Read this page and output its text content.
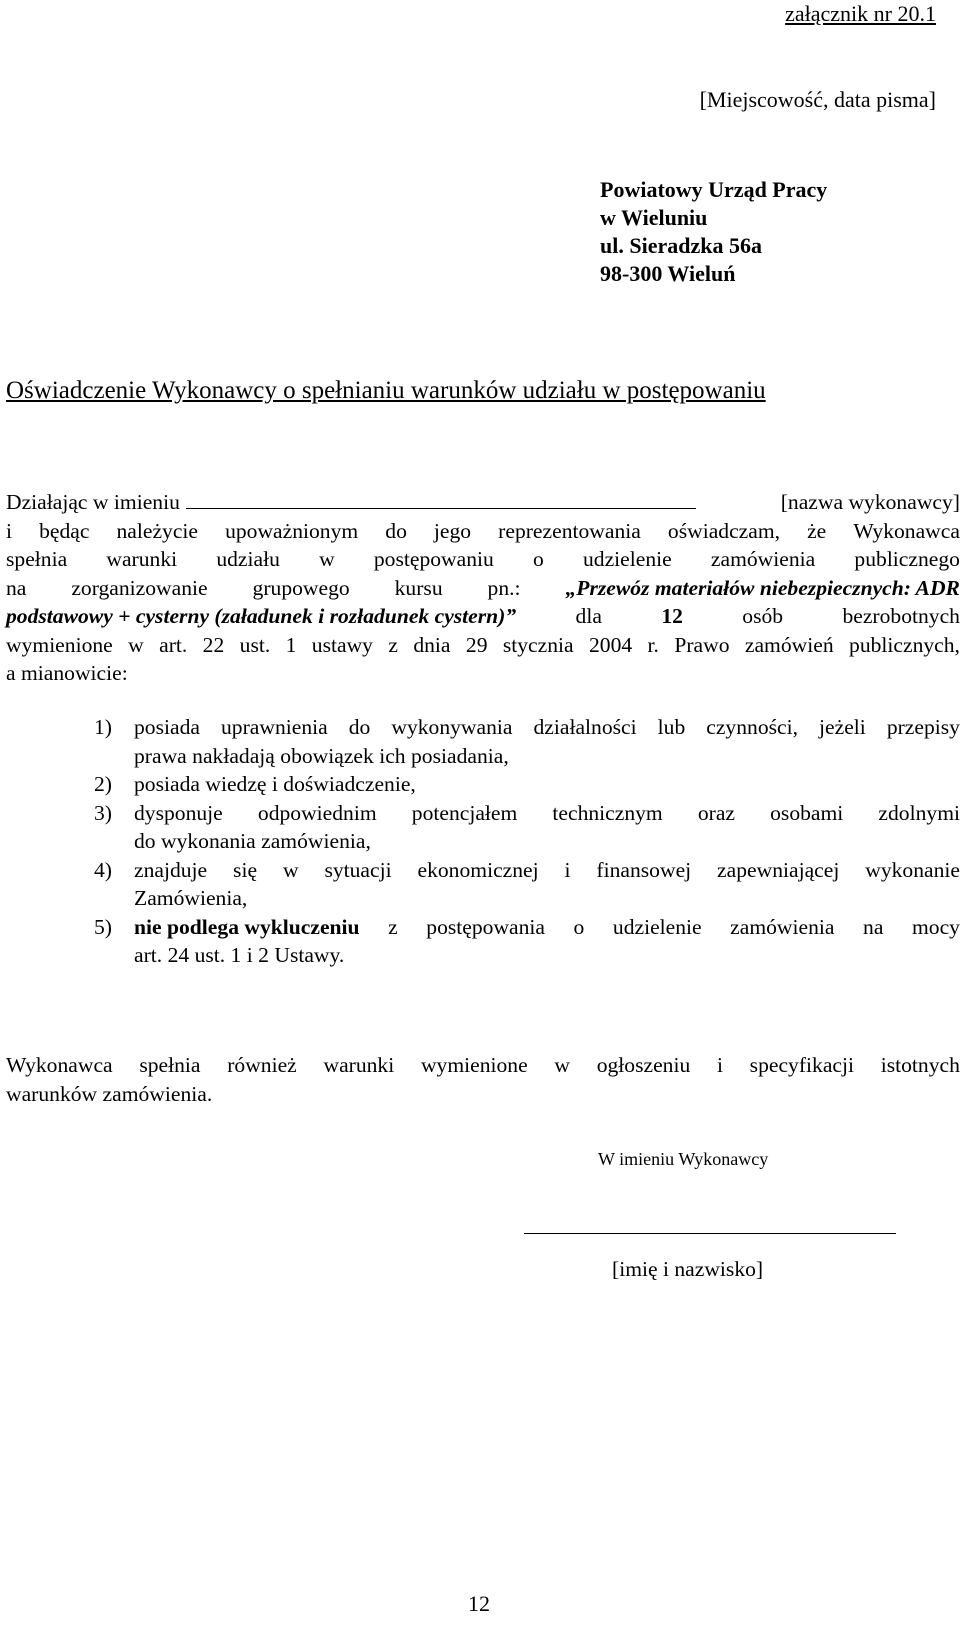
załącznik nr 20.1

[Miejscowość, data pisma]

Powiatowy Urząd Pracy
w Wieluniu
ul. Sieradzka 56a
98-300 Wieluń

Oświadczenie Wykonawcy o spełnianiu warunków udziału w postępowaniu

Działając w imieniu	[nazwa wykonawcy]
i będąc należycie upoważnionym do jego reprezentowania oświadczam, że Wykonawca
spełnia warunki udziału w postępowaniu o udzielenie zamówienia publicznego
na zorganizowanie grupowego kursu pn.: „Przewóz materiałów niebezpiecznych: ADR
podstawowy + cysterny (załadunek i rozładunek cystern)”	dla	12	osób	bezrobotnych
wymienione w art. 22 ust. 1 ustawy z dnia 29 stycznia 2004 r. Prawo zamówień publicznych,
a mianowicie:
1) posiada uprawnienia do wykonywania działalności lub czynności, jeżeli przepisy
prawa nakładają obowiązek ich posiadania,
2) posiada wiedzę i doświadczenie,
3) dysponuje odpowiednim potencjałem technicznym oraz osobami zdolnymi
do wykonania zamówienia,
4) znajduje się w sytuacji ekonomicznej i finansowej zapewniającej wykonanie
Zamówienia,
5) nie podlega wykluczeniu z postępowania o udzielenie zamówienia na mocy
art. 24 ust. 1 i 2 Ustawy.
Wykonawca spełnia również warunki wymienione w ogłoszeniu i specyfikacji istotnych
warunków zamówienia.

W imieniu Wykonawcy

[imię i nazwisko]

12
